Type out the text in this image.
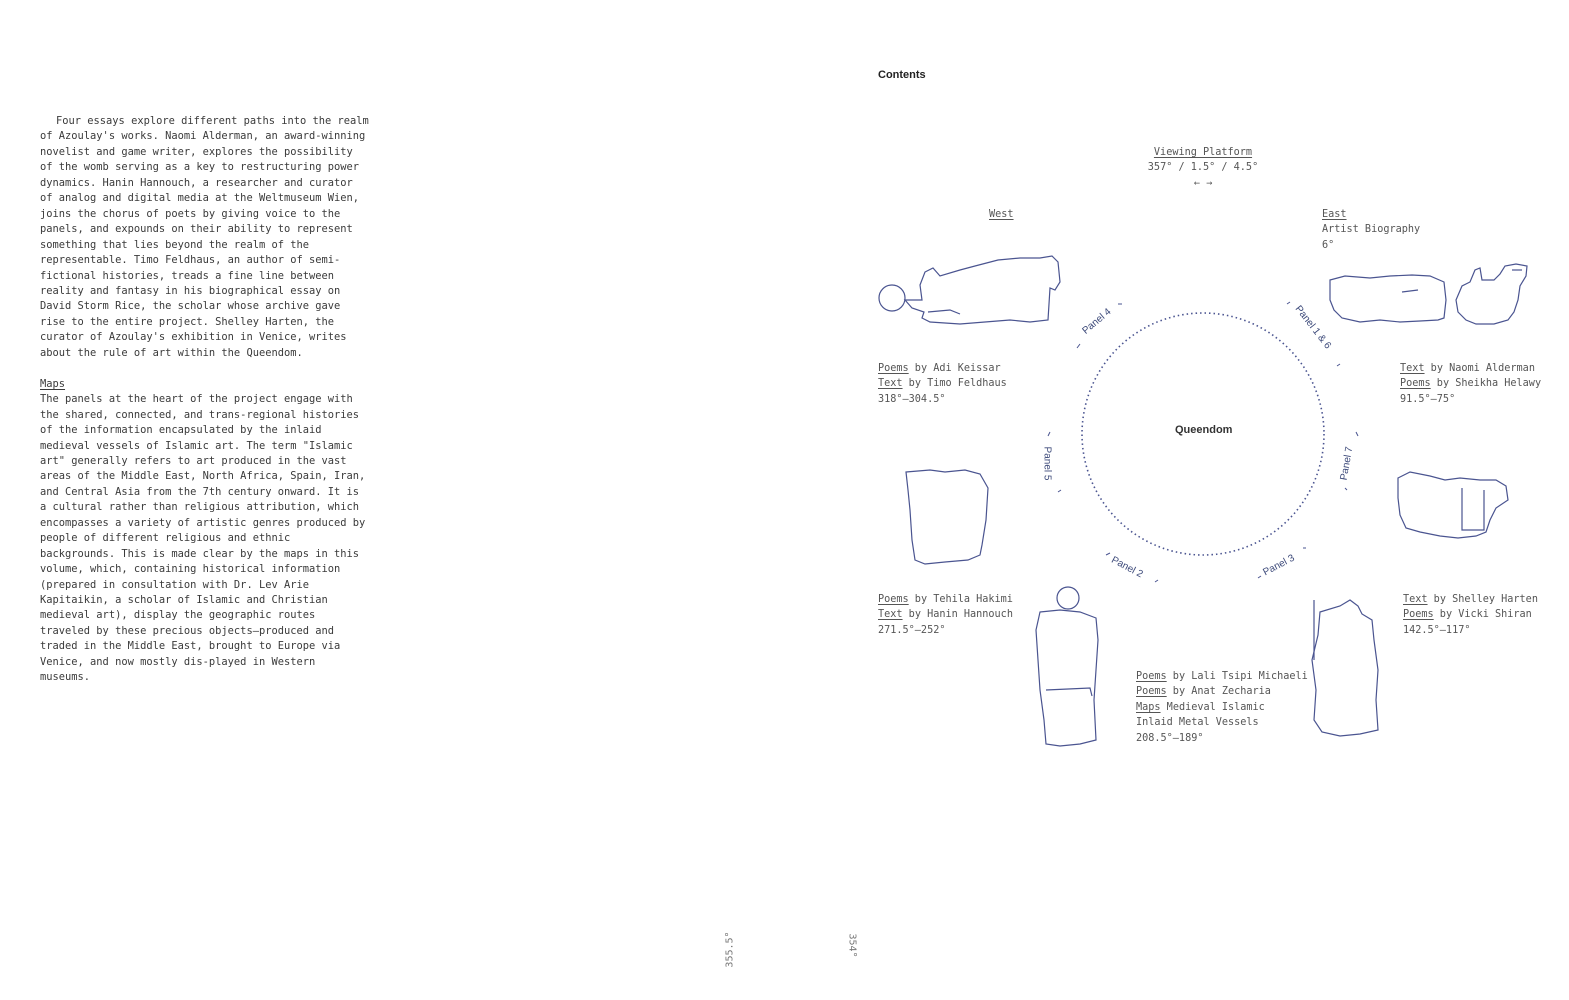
Four essays explore different paths into the realm of Azoulay's works. Naomi Alderman, an award-winning novelist and game writer, explores the possibility of the womb serving as a key to restructuring power dynamics. Hanin Hannouch, a researcher and curator of analog and digital media at the Weltmuseum Wien, joins the chorus of poets by giving voice to the panels, and expounds on their ability to represent something that lies beyond the realm of the representable. Timo Feldhaus, an author of semi-fictional histories, treads a fine line between reality and fantasy in his biographical essay on David Storm Rice, the scholar whose archive gave rise to the entire project. Shelley Harten, the curator of Azoulay's exhibition in Venice, writes about the rule of art within the Queendom.

Maps

The panels at the heart of the project engage with the shared, connected, and trans-regional histories of the information encapsulated by the inlaid medieval vessels of Islamic art. The term "Islamic art" generally refers to art produced in the vast areas of the Middle East, North Africa, Spain, Iran, and Central Asia from the 7th century onward. It is a cultural rather than religious attribution, which encompasses a variety of artistic genres produced by people of different religious and ethnic backgrounds. This is made clear by the maps in this volume, which, containing historical information (prepared in consultation with Dr. Lev Arie Kapitaikin, a scholar of Islamic and Christian medieval art), display the geographic routes traveled by these precious objects—produced and traded in the Middle East, brought to Europe via Venice, and now mostly dis-played in Western museums.

355.5°	354°
Contents
Queendom
Viewing Platform
357° / 1.5° / 4.5°
← →
West	East
Artist Biography
6°
Poems by Adi Keissar
Text by Timo Feldhaus
318°–304.5°
Text by Naomi Alderman
Poems by Sheikha Helawy
91.5°–75°
Poems by Tehila Hakimi
Text by Hanin Hannouch
271.5°–252°
Text by Shelley Harten
Poems by Vicki Shiran
142.5°–117°
Poems by Lali Tsipi Michaeli
Poems by Anat Zecharia
Maps Medieval Islamic
Inlaid Metal Vessels
208.5°–189°
Panel 4	Panel 1 & 6
Panel 5	Panel 7
Panel 2	Panel 3
